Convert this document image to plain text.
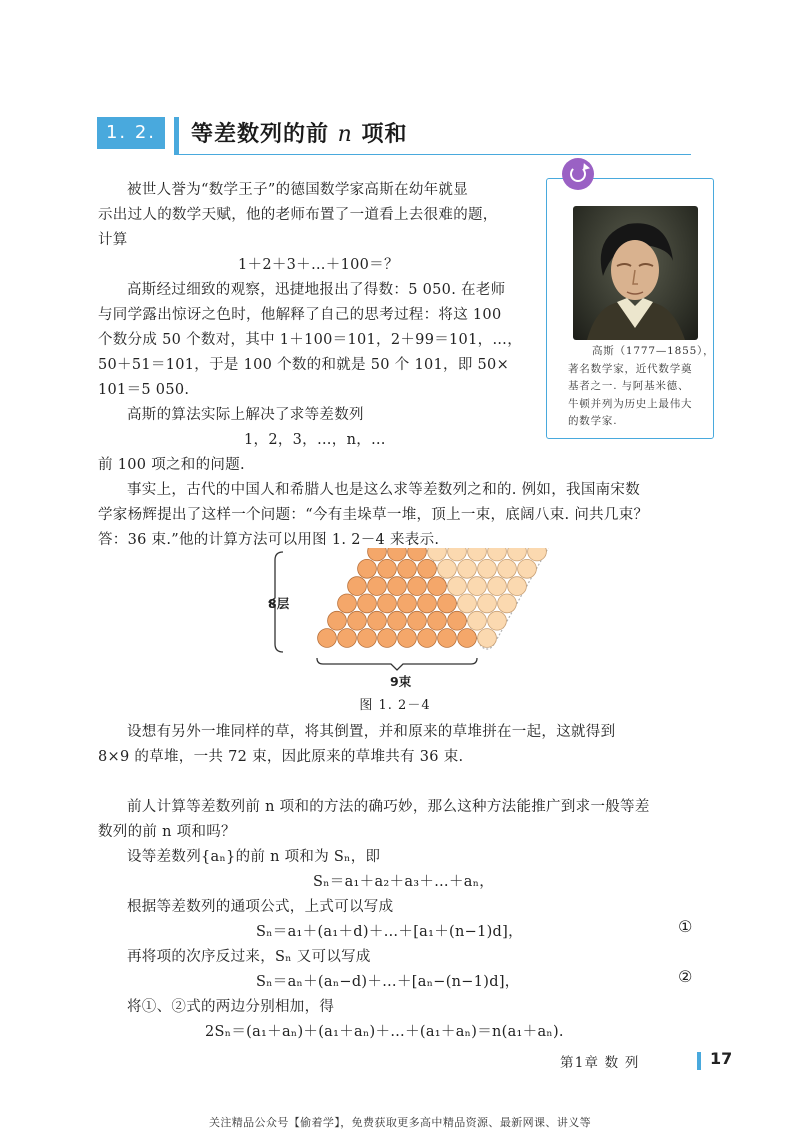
1. 2. 3
等差数列的前 n 项和
高斯（1777—1855），
著名数学家，近代数学奠
基者之一. 与阿基米德、
牛顿并列为历史上最伟大
的数学家.
被世人誉为“数学王子”的德国数学家高斯在幼年就显
示出过人的数学天赋，他的老师布置了一道看上去很难的题，
计算
1＋2＋3＋…＋100＝？
高斯经过细致的观察，迅捷地报出了得数：5 050. 在老师
与同学露出惊讶之色时，他解释了自己的思考过程：将这 100
个数分成 50 个数对，其中 1＋100＝101，2＋99＝101，…，
50＋51＝101，于是 100 个数的和就是 50 个 101，即 50×
101＝5 050.
高斯的算法实际上解决了求等差数列
1，2，3，…，n，…
前 100 项之和的问题.
事实上，古代的中国人和希腊人也是这么求等差数列之和的. 例如，我国南宋数
学家杨辉提出了这样一个问题：“今有圭垛草一堆，顶上一束，底阔八束. 问共几束？
答：36 束.”他的计算方法可以用图 1. 2－4 来表示.
8层
9束
图 1. 2－4
设想有另外一堆同样的草，将其倒置，并和原来的草堆拼在一起，这就得到
8×9 的草堆，一共 72 束，因此原来的草堆共有 36 束.
前人计算等差数列前 n 项和的方法的确巧妙，那么这种方法能推广到求一般等差
数列的前 n 项和吗？
设等差数列{aₙ}的前 n 项和为 Sₙ，即
Sₙ＝a₁＋a₂＋a₃＋…＋aₙ，
根据等差数列的通项公式，上式可以写成
Sₙ＝a₁＋(a₁＋d)＋…＋[a₁＋(n−1)d]，
再将项的次序反过来，Sₙ 又可以写成
Sₙ＝aₙ＋(aₙ−d)＋…＋[aₙ−(n−1)d]，
将①、②式的两边分别相加，得
2Sₙ＝(a₁＋aₙ)＋(a₁＋aₙ)＋…＋(a₁＋aₙ)＝n(a₁＋aₙ).
①
②
第1章 数 列	17
关注精品公众号【偷着学】，免费获取更多高中精品资源、最新网课、讲义等
